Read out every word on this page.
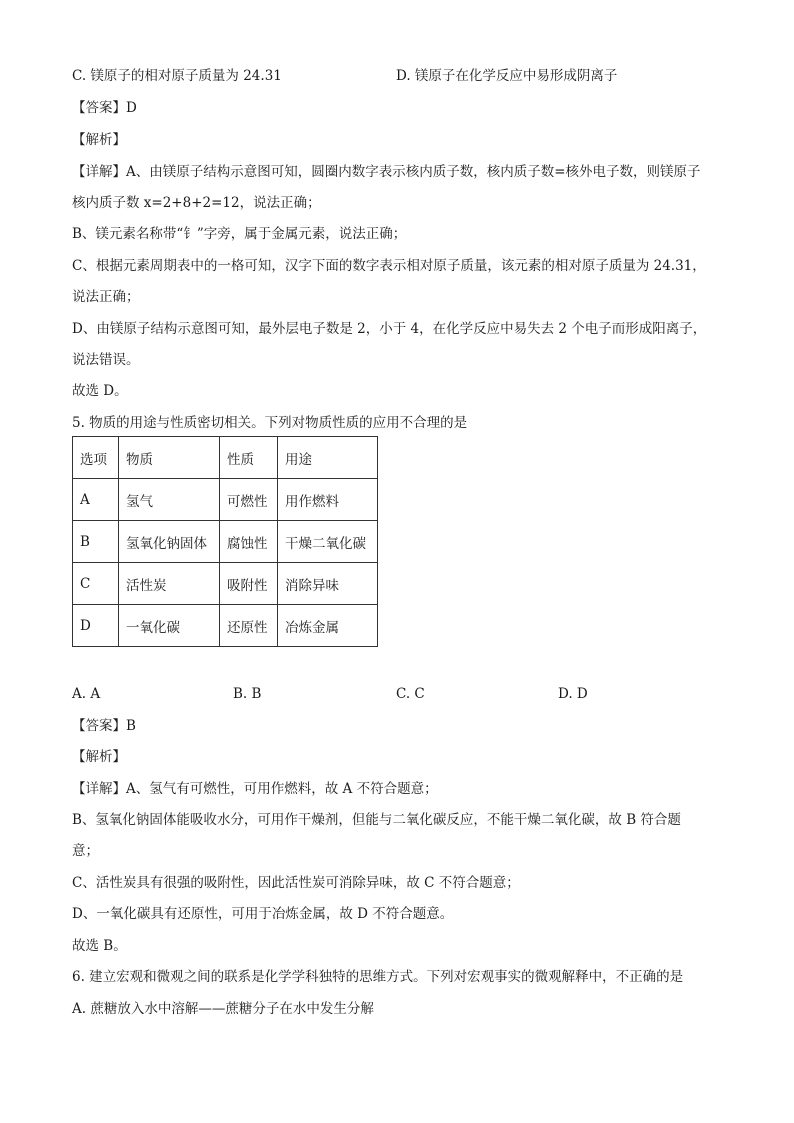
C. 镁原子的相对原子质量为 24.31	D. 镁原子在化学反应中易形成阴离子
【答案】D
【解析】
【详解】A、由镁原子结构示意图可知，圆圈内数字表示核内质子数，核内质子数=核外电子数，则镁原子
核内质子数 x=2+8+2=12，说法正确；
B、镁元素名称带“钅”字旁，属于金属元素，说法正确；
C、根据元素周期表中的一格可知，汉字下面的数字表示相对原子质量，该元素的相对原子质量为 24.31，
说法正确；
D、由镁原子结构示意图可知，最外层电子数是 2，小于 4，在化学反应中易失去 2 个电子而形成阳离子，
说法错误。
故选 D。
5. 物质的用途与性质密切相关。下列对物质性质的应用不合理的是
选项	物质	性质	用途
A	氢气	可燃性	用作燃料
B	氢氧化钠固体	腐蚀性	干燥二氧化碳
C	活性炭	吸附性	消除异味
D	一氧化碳	还原性	冶炼金属
A. A	B. B	C. C	D. D
【答案】B
【解析】
【详解】A、氢气有可燃性，可用作燃料，故 A 不符合题意；
B、氢氧化钠固体能吸收水分，可用作干燥剂，但能与二氧化碳反应，不能干燥二氧化碳，故 B 符合题
意；
C、活性炭具有很强的吸附性，因此活性炭可消除异味，故 C 不符合题意；
D、一氧化碳具有还原性，可用于冶炼金属，故 D 不符合题意。
故选 B。
6. 建立宏观和微观之间的联系是化学学科独特的思维方式。下列对宏观事实的微观解释中，不正确的是
A. 蔗糖放入水中溶解——蔗糖分子在水中发生分解
